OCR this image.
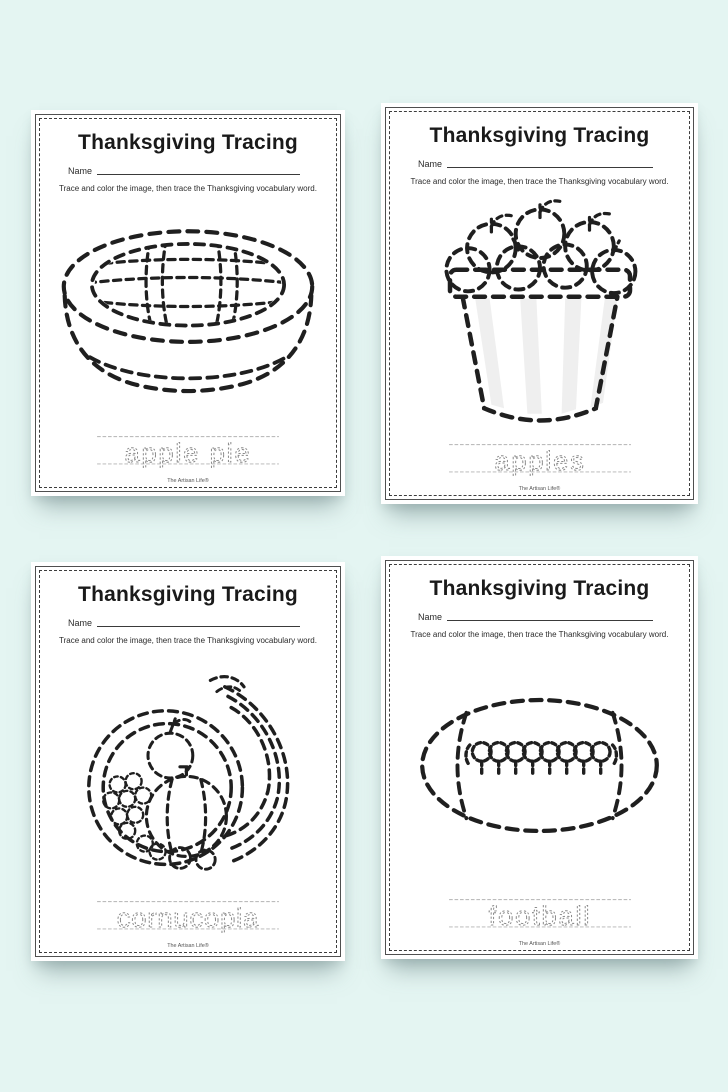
Thanksgiving Tracing
Name
Trace and color the image, then trace the Thanksgiving vocabulary word.
apple pie
The Artisan Life®
Thanksgiving Tracing
Name
Trace and color the image, then trace the Thanksgiving vocabulary word.
apples
The Artisan Life®
Thanksgiving Tracing
Name
Trace and color the image, then trace the Thanksgiving vocabulary word.
cornucopia
The Artisan Life®
Thanksgiving Tracing
Name
Trace and color the image, then trace the Thanksgiving vocabulary word.
football
The Artisan Life®
